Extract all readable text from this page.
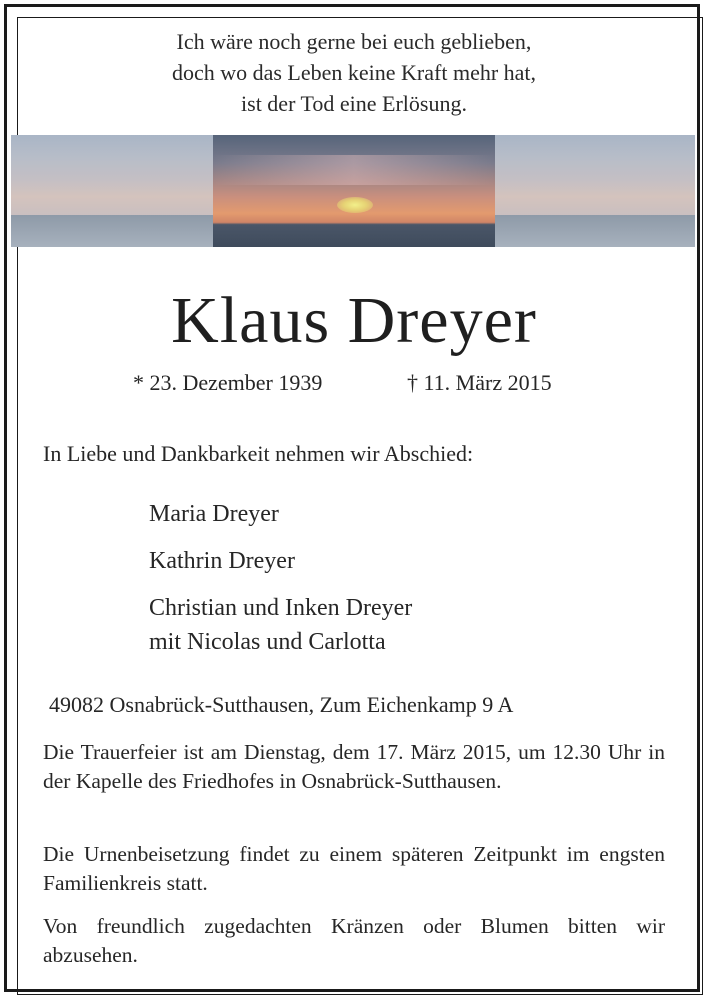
Ich wäre noch gerne bei euch geblieben,
doch wo das Leben keine Kraft mehr hat,
ist der Tod eine Erlösung.
Klaus Dreyer
* 23. Dezember 1939	† 11. März 2015
In Liebe und Dankbarkeit nehmen wir Abschied:
Maria Dreyer
Kathrin Dreyer
Christian und Inken Dreyer
mit Nicolas und Carlotta
49082 Osnabrück-Sutthausen, Zum Eichenkamp 9 A
Die Trauerfeier ist am Dienstag, dem 17. März 2015, um 12.30 Uhr in der Kapelle des Friedhofes in Osnabrück-Sutthausen.
Die Urnenbeisetzung findet zu einem späteren Zeitpunkt im engsten Familienkreis statt.
Von freundlich zugedachten Kränzen oder Blumen bitten wir abzusehen.
